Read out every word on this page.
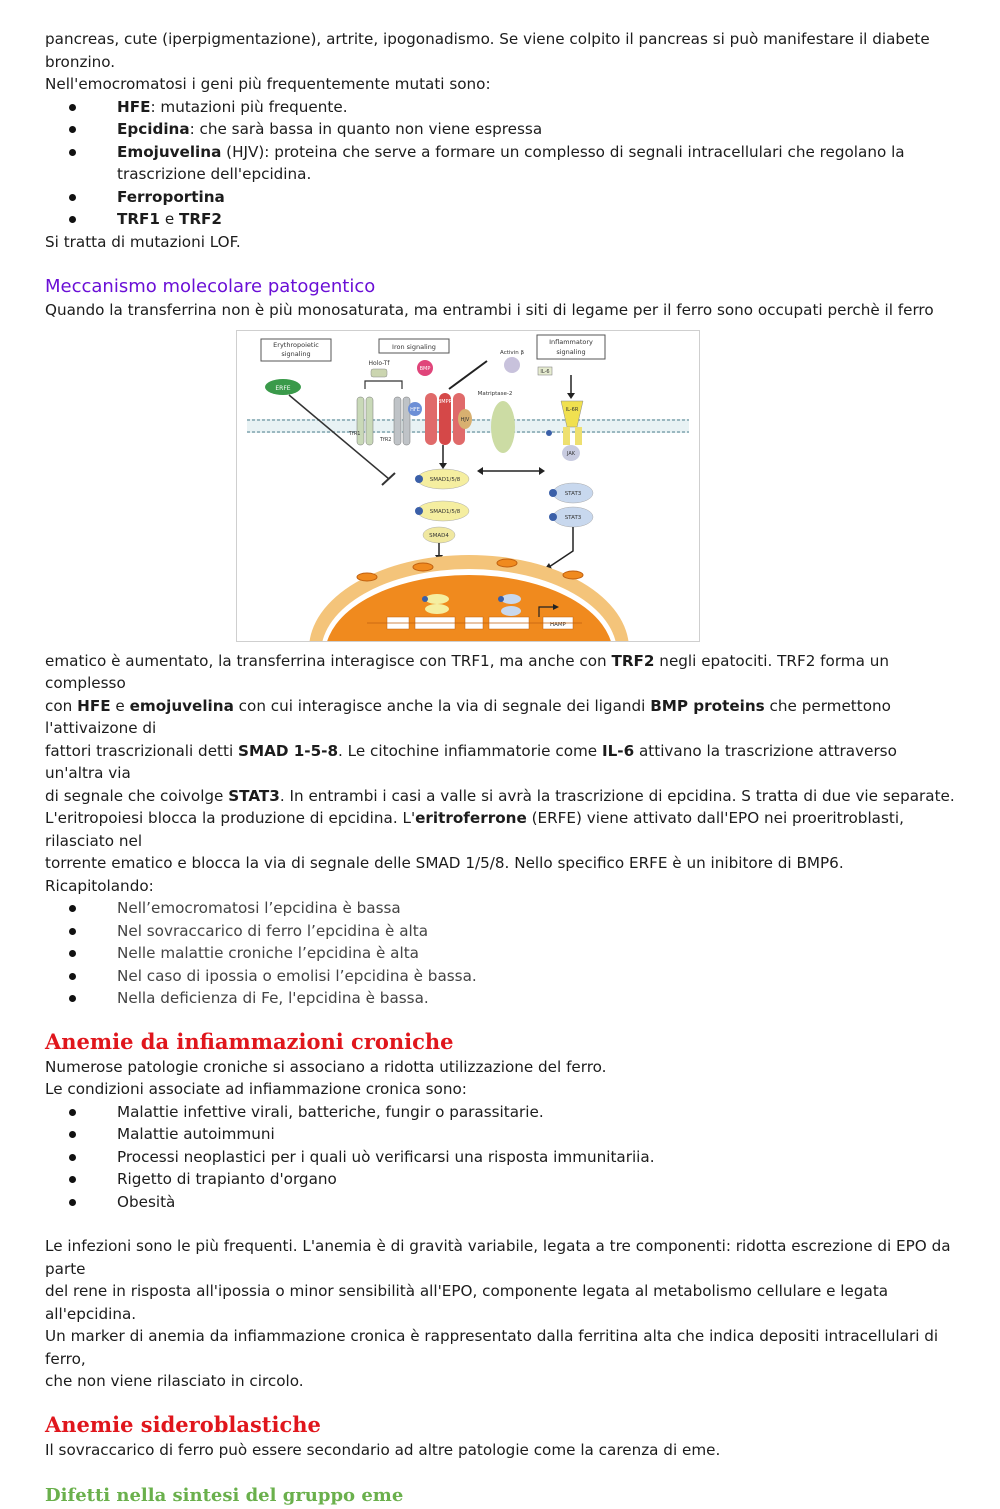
pancreas, cute (iperpigmentazione), artrite, ipogonadismo. Se viene colpito il pancreas si può manifestare il diabete

bronzino.

Nell'emocromatosi i geni più frequentemente mutati sono:

HFE: mutazioni più frequente.
Epcidina: che sarà bassa in quanto non viene espressa
Emojuvelina (HJV): proteina che serve a formare un complesso di segnali intracellulari che regolano la
trascrizione dell'epcidina.
Ferroportina
TRF1 e TRF2

Si tratta di mutazioni LOF.

Meccanismo molecolare patogentico

Quando la transferrina non è più monosaturata, ma entrambi i siti di legame per il ferro sono occupati perchè il ferro

Erythropoietic
signaling
Iron signaling
Inflammatory
signaling
ERFE
Holo-Tf
BMP
Activin β
IL-6
TfR1
TfR2
HFE
BMPR
HJV
Matriptase-2
IL-6R
JAK
SMAD1/5/8
SMAD1/5/8
SMAD4
STAT3
STAT3
HAMP

ematico è aumentato, la transferrina interagisce con TRF1, ma anche con TRF2 negli epatociti. TRF2 forma un complesso

con HFE e emojuvelina con cui interagisce anche la via di segnale dei ligandi BMP proteins che permettono l'attivaizone di

fattori trascrizionali detti SMAD 1-5-8. Le citochine infiammatorie come IL-6 attivano la trascrizione attraverso un'altra via

di segnale che coivolge STAT3. In entrambi i casi a valle si avrà la trascrizione di epcidina. S tratta di due vie separate.

L'eritropoiesi blocca la produzione di epcidina. L'eritroferrone (ERFE) viene attivato dall'EPO nei proeritroblasti, rilasciato nel

torrente ematico e blocca la via di segnale delle SMAD 1/5/8. Nello specifico ERFE è un inibitore di BMP6.

Ricapitolando:

Nell’emocromatosi l’epcidina è bassa
Nel sovraccarico di ferro l’epcidina è alta
Nelle malattie croniche l’epcidina è alta
Nel caso di ipossia o emolisi l’epcidina è bassa.
Nella deficienza di Fe, l'epcidina è bassa.
Anemie da infiammazioni croniche

Numerose patologie croniche si associano a ridotta utilizzazione del ferro.

Le condizioni associate ad infiammazione cronica sono:

Malattie infettive virali, batteriche, fungir o parassitarie.
Malattie autoimmuni
Processi neoplastici per i quali uò verificarsi una risposta immunitariia.
Rigetto di trapianto d'organo
Obesità

Le infezioni sono le più frequenti. L'anemia è di gravità variabile, legata a tre componenti: ridotta escrezione di EPO da parte

del rene in risposta all'ipossia o minor sensibilità all'EPO, componente legata al metabolismo cellulare e legata all'epcidina.

Un marker di anemia da infiammazione cronica è rappresentato dalla ferritina alta che indica depositi intracellulari di ferro,

che non viene rilasciato in circolo.

Anemie sideroblastiche

Il sovraccarico di ferro può essere secondario ad altre patologie come la carenza di eme.

Difetti nella sintesi del gruppo eme
